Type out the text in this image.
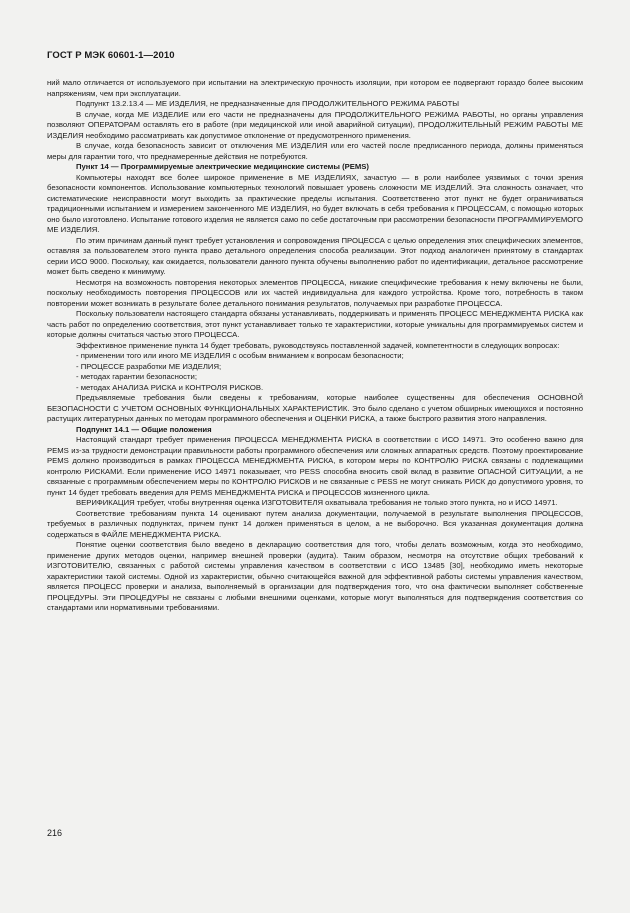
ГОСТ Р МЭК 60601-1—2010

ний мало отличается от используемого при испытании на электрическую прочность изоляции, при котором ее подвергают гораздо более высоким напряжениям, чем при эксплуатации.

Подпункт 13.2.13.4 — МЕ ИЗДЕЛИЯ, не предназначенные для ПРОДОЛЖИТЕЛЬНОГО РЕЖИМА РАБОТЫ

В случае, когда МЕ ИЗДЕЛИЕ или его части не предназначены для ПРОДОЛЖИТЕЛЬНОГО РЕЖИМА РАБОТЫ, но органы управления позволяют ОПЕРАТОРАМ оставлять его в работе (при медицинской или иной аварийной ситуации), ПРОДОЛЖИТЕЛЬНЫЙ РЕЖИМ РАБОТЫ МЕ ИЗДЕЛИЯ необходимо рассматривать как допустимое отклонение от предусмотренного применения.

В случае, когда безопасность зависит от отключения МЕ ИЗДЕЛИЯ или его частей после предписанного периода, должны применяться меры для гарантии того, что преднамеренные действия не потребуются.

Пункт 14 — Программируемые электрические медицинские системы (PEMS)

Компьютеры находят все более широкое применение в МЕ ИЗДЕЛИЯХ, зачастую — в роли наиболее уязвимых с точки зрения безопасности компонентов. Использование компьютерных технологий повышает уровень сложности МЕ ИЗДЕЛИЙ. Эта сложность означает, что систематические неисправности могут выходить за практические пределы испытания. Соответственно этот пункт не будет ограничиваться традиционными испытанием и измерением законченного МЕ ИЗДЕЛИЯ, но будет включать в себя требования к ПРОЦЕССАМ, с помощью которых оно было изготовлено. Испытание готового изделия не является само по себе достаточным при рассмотрении безопасности ПРОГРАММИРУЕМОГО МЕ ИЗДЕЛИЯ.

По этим причинам данный пункт требует установления и сопровождения ПРОЦЕССА с целью определения этих специфических элементов, оставляя за пользователем этого пункта право детального определения способа реализации. Этот подход аналогичен принятому в стандартах серии ИСО 9000. Поскольку, как ожидается, пользователи данного пункта обучены выполнению работ по идентификации, детальное рассмотрение может быть сведено к минимуму.

Несмотря на возможность повторения некоторых элементов ПРОЦЕССА, никакие специфические требования к нему включены не были, поскольку необходимость повторения ПРОЦЕССОВ или их частей индивидуальна для каждого устройства. Кроме того, потребность в таком повторении может возникать в результате более детального понимания результатов, получаемых при разработке ПРОЦЕССА.

Поскольку пользователи настоящего стандарта обязаны устанавливать, поддерживать и применять ПРОЦЕСС МЕНЕДЖМЕНТА РИСКА как часть работ по определению соответствия, этот пункт устанавливает только те характеристики, которые уникальны для программируемых систем и которые должны считаться частью этого ПРОЦЕССА.

Эффективное применение пункта 14 будет требовать, руководствуясь поставленной задачей, компетентности в следующих вопросах:

- применении того или иного МЕ ИЗДЕЛИЯ с особым вниманием к вопросам безопасности;

- ПРОЦЕССЕ разработки МЕ ИЗДЕЛИЯ;

- методах гарантии безопасности;

- методах АНАЛИЗА РИСКА и КОНТРОЛЯ РИСКОВ.

Предъявляемые требования были сведены к требованиям, которые наиболее существенны для обеспечения ОСНОВНОЙ БЕЗОПАСНОСТИ С УЧЕТОМ ОСНОВНЫХ ФУНКЦИОНАЛЬНЫХ ХАРАКТЕРИСТИК. Это было сделано с учетом обширных имеющихся и постоянно растущих литературных данных по методам программного обеспечения и ОЦЕНКИ РИСКА, а также быстрого развития этого направления.

Подпункт 14.1 — Общие положения

Настоящий стандарт требует применения ПРОЦЕССА МЕНЕДЖМЕНТА РИСКА в соответствии с ИСО 14971. Это особенно важно для PEMS из-за трудности демонстрации правильности работы программного обеспечения или сложных аппаратных средств. Поэтому проектирование PEMS должно производиться в рамках ПРОЦЕССА МЕНЕДЖМЕНТА РИСКА, в котором меры по КОНТРОЛЮ РИСКА связаны с подлежащими контролю РИСКАМИ. Если применение ИСО 14971 показывает, что PESS способна вносить свой вклад в развитие ОПАСНОЙ СИТУАЦИИ, а не связанные с программным обеспечением меры по КОНТРОЛЮ РИСКОВ и не связанные с PESS не могут снижать РИСК до допустимого уровня, то пункт 14 будет требовать введения для PEMS МЕНЕДЖМЕНТА РИСКА и ПРОЦЕССОВ жизненного цикла.

ВЕРИФИКАЦИЯ требует, чтобы внутренняя оценка ИЗГОТОВИТЕЛЯ охватывала требования не только этого пункта, но и ИСО 14971.

Соответствие требованиям пункта 14 оценивают путем анализа документации, получаемой в результате выполнения ПРОЦЕССОВ, требуемых в различных подпунктах, причем пункт 14 должен применяться в целом, а не выборочно. Вся указанная документация должна содержаться в ФАЙЛЕ МЕНЕДЖМЕНТА РИСКА.

Понятие оценки соответствия было введено в декларацию соответствия для того, чтобы делать возможным, когда это необходимо, применение других методов оценки, например внешней проверки (аудита). Таким образом, несмотря на отсутствие общих требований к ИЗГОТОВИТЕЛЮ, связанных с работой системы управления качеством в соответствии с ИСО 13485 [30], необходимо иметь некоторые характеристики такой системы. Одной из характеристик, обычно считающейся важной для эффективной работы системы управления качеством, является ПРОЦЕСС проверки и анализа, выполняемый в организации для подтверждения того, что она фактически выполняет собственные ПРОЦЕДУРЫ. Эти ПРОЦЕДУРЫ не связаны с любыми внешними оценками, которые могут выполняться для подтверждения соответствия со стандартами или нормативными требованиями.

216
